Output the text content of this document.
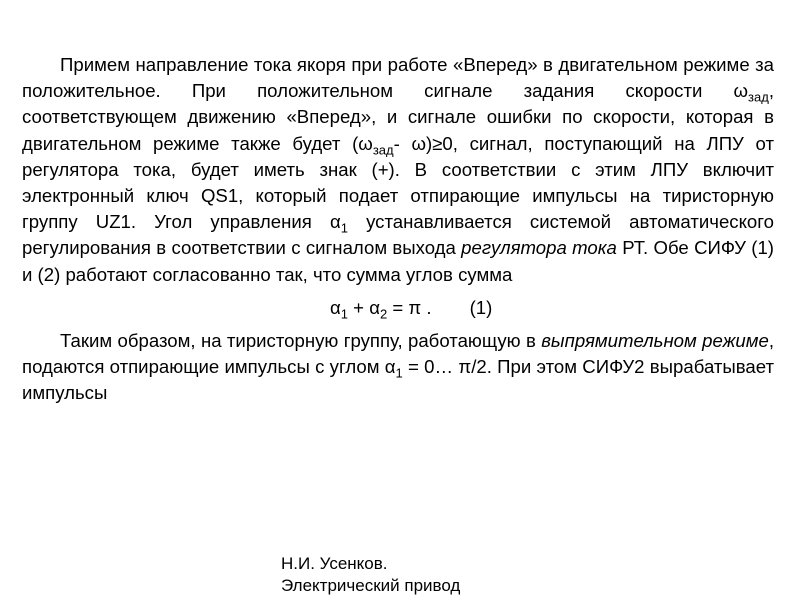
Примем направление тока якоря при работе «Вперед» в двигательном режиме за положительное. При положительном сигнале задания скорости $\omega_{зад}$, соответствующем движению «Вперед», и сигнале ошибки по скорости, которая в двигательном режиме также будет ($\omega_{зад}-$ ω)≥0, сигнал, поступающий на ЛПУ от регулятора тока, будет иметь знак (+). В соответствии с этим ЛПУ включит электронный ключ QS1, который подает отпирающие импульсы на тиристорную группу UZ1. Угол управления $\alpha_1$ устанавливается системой автоматического регулирования в соответствии с сигналом выхода регулятора тока РТ. Обе СИФУ (1) и (2) работают согласованно так, что сумма углов сумма

$\alpha_1 + \alpha_2 = \pi$ . (1)

Таким образом, на тиристорную группу, работающую в выпрямительном режиме, подаются отпирающие импульсы с углом $\alpha_1$ = 0… π/2. При этом СИФУ2 вырабатывает импульсы

Н.И. Усенков.
Электрический привод
